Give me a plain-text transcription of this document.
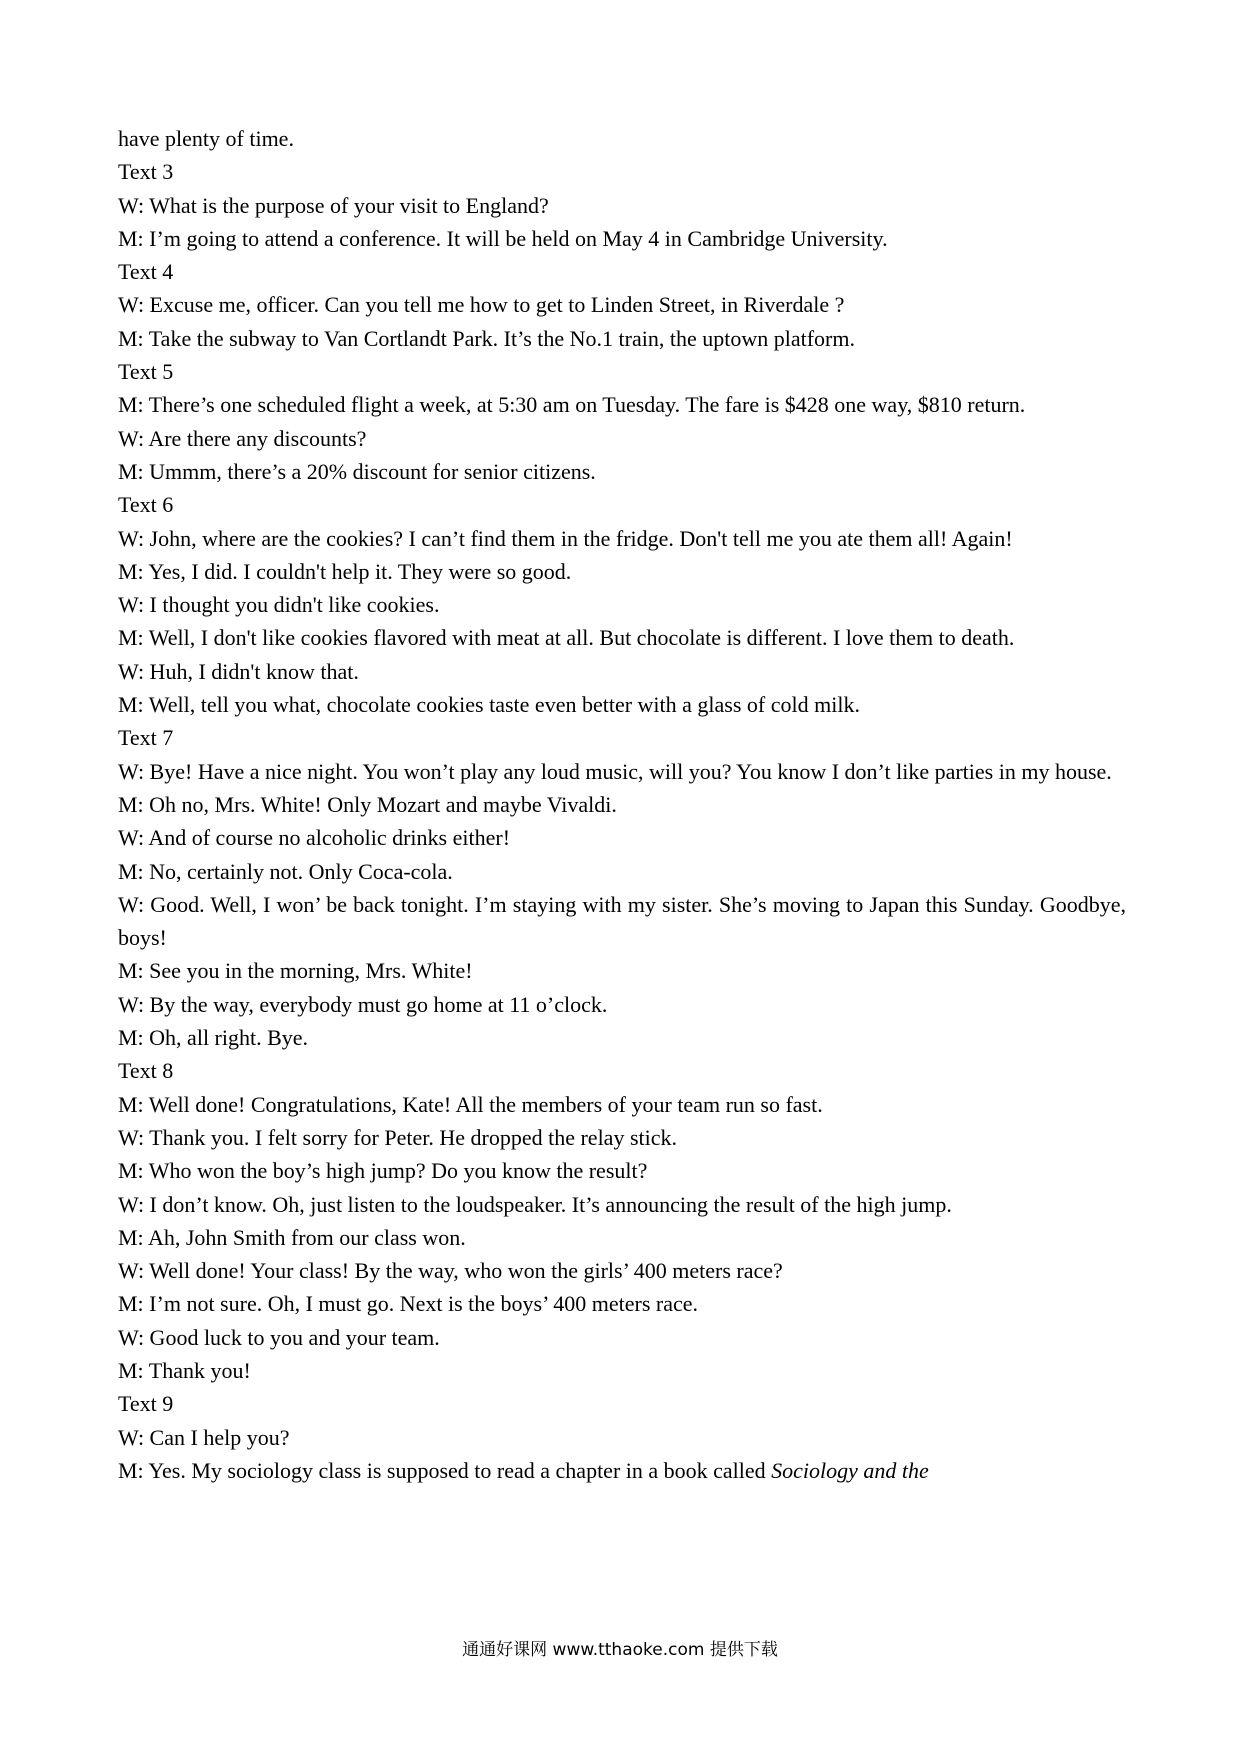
have plenty of time.
Text 3
W: What is the purpose of your visit to England?
M: I’m going to attend a conference. It will be held on May 4 in Cambridge University.
Text 4
W: Excuse me, officer. Can you tell me how to get to Linden Street, in Riverdale ?
M: Take the subway to Van Cortlandt Park. It’s the No.1 train, the uptown platform.
Text 5
M: There’s one scheduled flight a week, at 5:30 am on Tuesday. The fare is $428 one way, $810 return.
W: Are there any discounts?
M: Ummm, there’s a 20% discount for senior citizens.
Text 6
W: John, where are the cookies? I can’t find them in the fridge. Don't tell me you ate them all! Again!
M: Yes, I did. I couldn't help it. They were so good.
W: I thought you didn't like cookies.
M: Well, I don't like cookies flavored with meat at all. But chocolate is different. I love them to death.
W: Huh, I didn't know that.
M: Well, tell you what, chocolate cookies taste even better with a glass of cold milk.
Text 7
W: Bye! Have a nice night. You won’t play any loud music, will you? You know I don’t like parties in my house.
M: Oh no, Mrs. White! Only Mozart and maybe Vivaldi.
W: And of course no alcoholic drinks either!
M: No, certainly not. Only Coca-cola.
W: Good. Well, I won’ be back tonight. I’m staying with my sister. She’s moving to Japan this Sunday. Goodbye, boys!
M: See you in the morning, Mrs. White!
W: By the way, everybody must go home at 11 o’clock.
M: Oh, all right. Bye.
Text 8
M: Well done! Congratulations, Kate! All the members of your team run so fast.
W: Thank you. I felt sorry for Peter. He dropped the relay stick.
M: Who won the boy’s high jump? Do you know the result?
W: I don’t know. Oh, just listen to the loudspeaker. It’s announcing the result of the high jump.
M: Ah, John Smith from our class won.
W: Well done! Your class! By the way, who won the girls’ 400 meters race?
M: I’m not sure. Oh, I must go. Next is the boys’ 400 meters race.
W: Good luck to you and your team.
M: Thank you!
Text 9
W: Can I help you?
M: Yes. My sociology class is supposed to read a chapter in a book called Sociology and the
通通好课网 www.tthaoke.com 提供下载
